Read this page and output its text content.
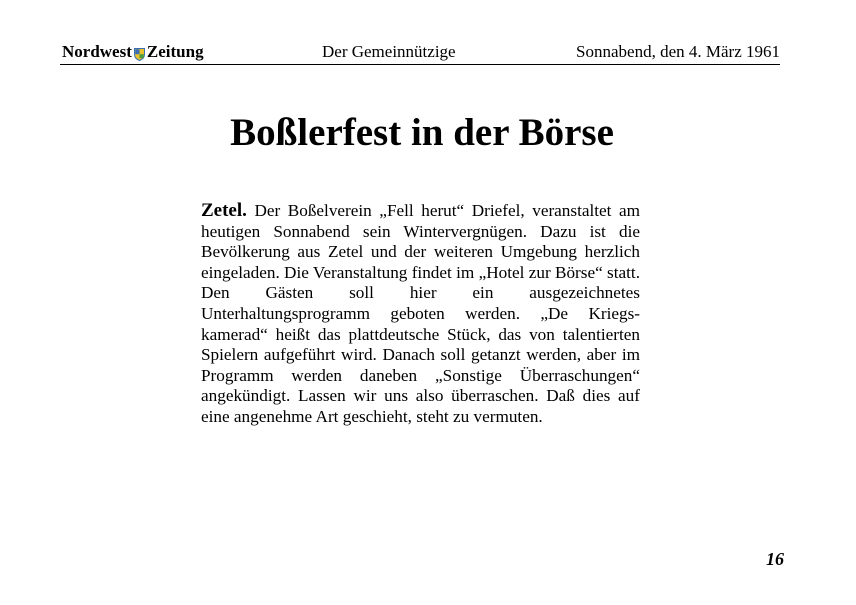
Nordwest Zeitung	Der Gemeinnützige	Sonnabend, den 4. März 1961
Boßlerfest in der Börse

Zetel. Der Boßelverein „Fell herut“ Driefel, veranstaltet am heutigen Sonnabend sein Wintervergnügen. Dazu ist die Bevölkerung aus Zetel und der weiteren Umgebung herzlich eingeladen. Die Veranstaltung findet im „Hotel zur Börse“ statt. Den Gästen soll hier ein ausgezeichnetes Unterhaltungsprogramm geboten werden. „De Kriegs-kamerad“ heißt das plattdeutsche Stück, das von talentierten Spielern aufgeführt wird. Danach soll getanzt werden, aber im Programm werden daneben „Sonstige Überraschungen“ angekündigt. Lassen wir uns also überraschen. Daß dies auf eine angenehme Art geschieht, steht zu vermuten.

16
